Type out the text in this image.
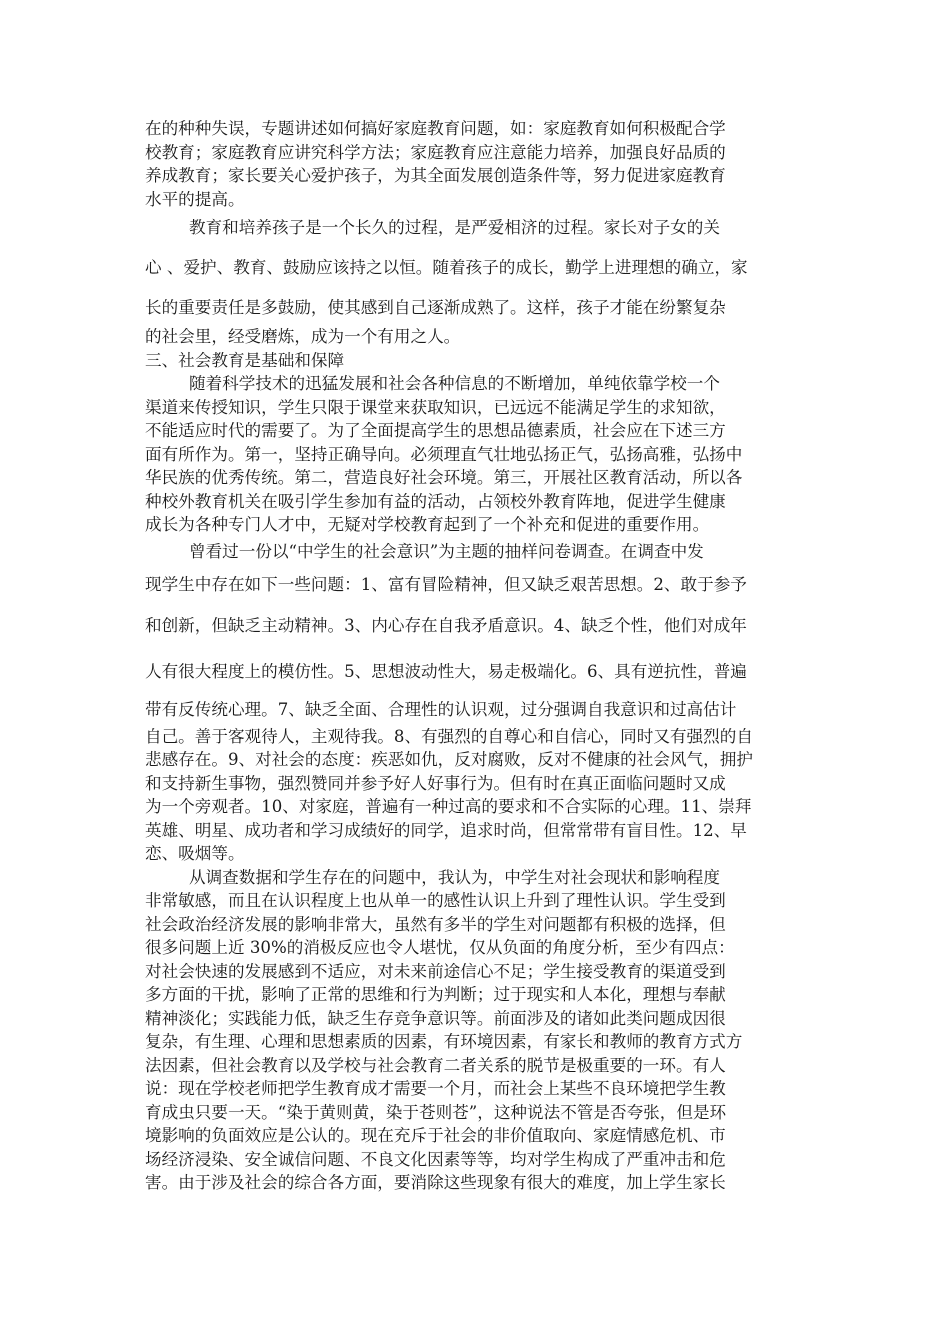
在的种种失误，专题讲述如何搞好家庭教育问题，如：家庭教育如何积极配合学
校教育；家庭教育应讲究科学方法；家庭教育应注意能力培养，加强良好品质的
养成教育；家长要关心爱护孩子，为其全面发展创造条件等，努力促进家庭教育
水平的提高。
教育和培养孩子是一个长久的过程，是严爱相济的过程。家长对子女的关
心 、爱护、教育、鼓励应该持之以恒。随着孩子的成长，勤学上进理想的确立，家
长的重要责任是多鼓励，使其感到自己逐渐成熟了。这样，孩子才能在纷繁复杂
的社会里，经受磨炼，成为一个有用之人。
三、社会教育是基础和保障
随着科学技术的迅猛发展和社会各种信息的不断增加，单纯依靠学校一个
渠道来传授知识，学生只限于课堂来获取知识，已远远不能满足学生的求知欲，
不能适应时代的需要了。为了全面提高学生的思想品德素质，社会应在下述三方
面有所作为。第一，坚持正确导向。必须理直气壮地弘扬正气，弘扬高雅，弘扬中
华民族的优秀传统。第二，营造良好社会环境。第三，开展社区教育活动，所以各
种校外教育机关在吸引学生参加有益的活动，占领校外教育阵地，促进学生健康
成长为各种专门人才中，无疑对学校教育起到了一个补充和促进的重要作用。
曾看过一份以“中学生的社会意识”为主题的抽样问卷调查。在调查中发
现学生中存在如下一些问题：1、富有冒险精神，但又缺乏艰苦思想。2、敢于参予
和创新，但缺乏主动精神。3、内心存在自我矛盾意识。4、缺乏个性，他们对成年
人有很大程度上的模仿性。5、思想波动性大，易走极端化。6、具有逆抗性，普遍
带有反传统心理。7、缺乏全面、合理性的认识观，过分强调自我意识和过高估计
自己。善于客观待人，主观待我。8、有强烈的自尊心和自信心，同时又有强烈的自
悲感存在。9、对社会的态度：疾恶如仇，反对腐败，反对不健康的社会风气，拥护
和支持新生事物，强烈赞同并参予好人好事行为。但有时在真正面临问题时又成
为一个旁观者。10、对家庭，普遍有一种过高的要求和不合实际的心理。11、崇拜
英雄、明星、成功者和学习成绩好的同学，追求时尚，但常常带有盲目性。12、早
恋、吸烟等。
从调查数据和学生存在的问题中，我认为，中学生对社会现状和影响程度
非常敏感，而且在认识程度上也从单一的感性认识上升到了理性认识。学生受到
社会政治经济发展的影响非常大，虽然有多半的学生对问题都有积极的选择，但
很多问题上近 30%的消极反应也令人堪忧，仅从负面的角度分析，至少有四点：
对社会快速的发展感到不适应，对未来前途信心不足；学生接受教育的渠道受到
多方面的干扰，影响了正常的思维和行为判断；过于现实和人本化，理想与奉献
精神淡化；实践能力低，缺乏生存竞争意识等。前面涉及的诸如此类问题成因很
复杂，有生理、心理和思想素质的因素，有环境因素，有家长和教师的教育方式方
法因素，但社会教育以及学校与社会教育二者关系的脱节是极重要的一环。有人
说：现在学校老师把学生教育成才需要一个月，而社会上某些不良环境把学生教
育成虫只要一天。“染于黄则黄，染于苍则苍”，这种说法不管是否夸张，但是环
境影响的负面效应是公认的。现在充斥于社会的非价值取向、家庭情感危机、市
场经济浸染、安全诚信问题、不良文化因素等等，均对学生构成了严重冲击和危
害。由于涉及社会的综合各方面，要消除这些现象有很大的难度，加上学生家长
